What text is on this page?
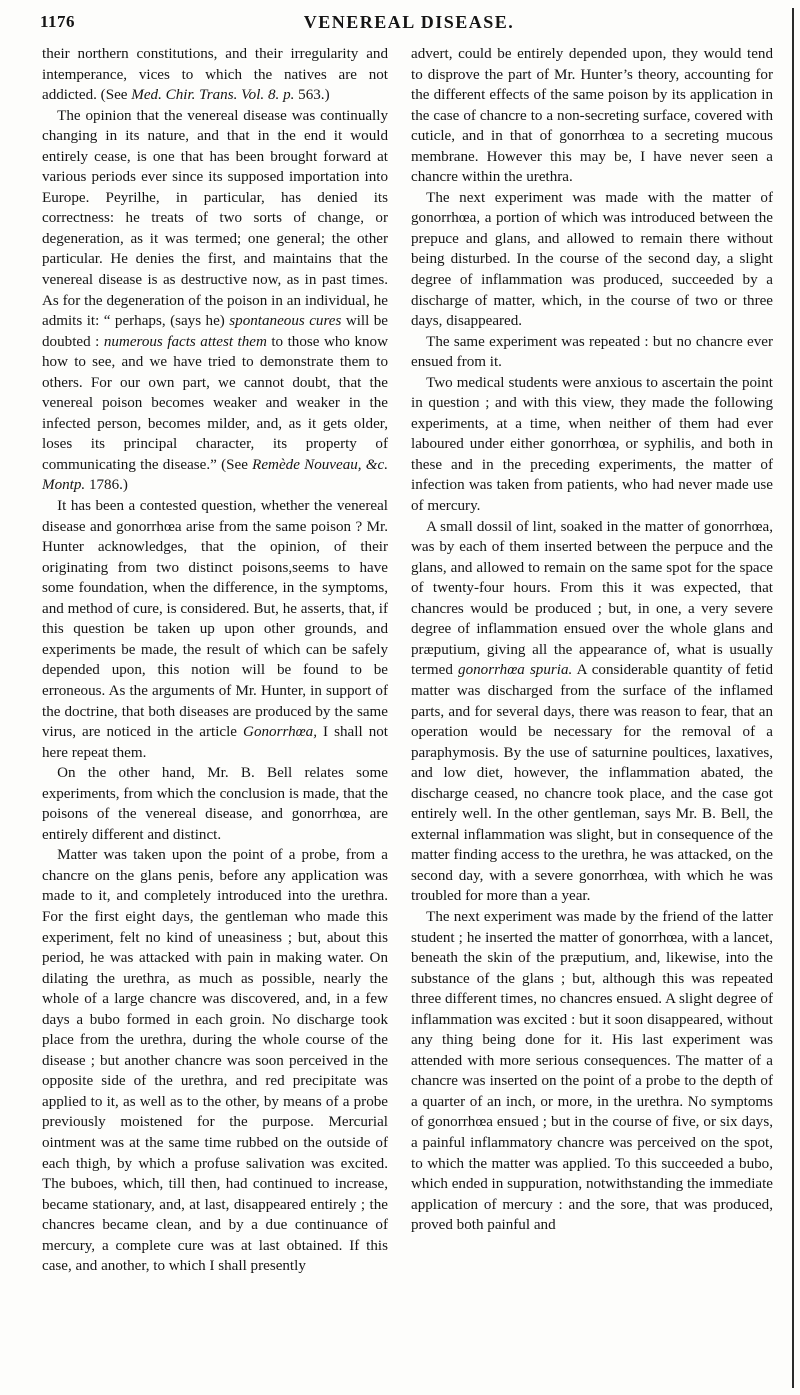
1176	VENEREAL DISEASE.

their northern constitutions, and their irregularity and intemperance, vices to which the natives are not addicted. (See Med. Chir. Trans. Vol. 8. p. 563.)

The opinion that the venereal disease was continually changing in its nature, and that in the end it would entirely cease, is one that has been brought forward at various periods ever since its supposed importation into Europe. Peyrilhe, in particular, has denied its correctness: he treats of two sorts of change, or degeneration, as it was termed; one general; the other particular. He denies the first, and maintains that the venereal disease is as destructive now, as in past times. As for the degeneration of the poison in an individual, he admits it: “ perhaps, (says he) spontaneous cures will be doubted : numerous facts attest them to those who know how to see, and we have tried to demonstrate them to others. For our own part, we cannot doubt, that the venereal poison becomes weaker and weaker in the infected person, becomes milder, and, as it gets older, loses its principal character, its property of communicating the disease.” (See Remède Nouveau, &c. Montp. 1786.)

It has been a contested question, whether the venereal disease and gonorrhœa arise from the same poison ? Mr. Hunter acknowledges, that the opinion, of their originating from two distinct poisons,seems to have some foundation, when the difference, in the symptoms, and method of cure, is considered. But, he asserts, that, if this question be taken up upon other grounds, and experiments be made, the result of which can be safely depended upon, this notion will be found to be erroneous. As the arguments of Mr. Hunter, in support of the doctrine, that both diseases are produced by the same virus, are noticed in the article Gonorrhœa, I shall not here repeat them.

On the other hand, Mr. B. Bell relates some experiments, from which the conclusion is made, that the poisons of the venereal disease, and gonorrhœa, are entirely different and distinct.

Matter was taken upon the point of a probe, from a chancre on the glans penis, before any application was made to it, and completely introduced into the urethra. For the first eight days, the gentleman who made this experiment, felt no kind of uneasiness ; but, about this period, he was attacked with pain in making water. On dilating the urethra, as much as possible, nearly the whole of a large chancre was discovered, and, in a few days a bubo formed in each groin. No discharge took place from the urethra, during the whole course of the disease ; but another chancre was soon perceived in the opposite side of the urethra, and red precipitate was applied to it, as well as to the other, by means of a probe previously moistened for the purpose. Mercurial ointment was at the same time rubbed on the outside of each thigh, by which a profuse salivation was excited. The buboes, which, till then, had continued to increase, became stationary, and, at last, disappeared entirely ; the chancres became clean, and by a due continuance of mercury, a complete cure was at last obtained. If this case, and another, to which I shall presently

advert, could be entirely depended upon, they would tend to disprove the part of Mr. Hunter’s theory, accounting for the different effects of the same poison by its application in the case of chancre to a non-secreting surface, covered with cuticle, and in that of gonorrhœa to a secreting mucous membrane. However this may be, I have never seen a chancre within the urethra.

The next experiment was made with the matter of gonorrhœa, a portion of which was introduced between the prepuce and glans, and allowed to remain there without being disturbed. In the course of the second day, a slight degree of inflammation was produced, succeeded by a discharge of matter, which, in the course of two or three days, disappeared.

The same experiment was repeated : but no chancre ever ensued from it.

Two medical students were anxious to ascertain the point in question ; and with this view, they made the following experiments, at a time, when neither of them had ever laboured under either gonorrhœa, or syphilis, and both in these and in the preceding experiments, the matter of infection was taken from patients, who had never made use of mercury.

A small dossil of lint, soaked in the matter of gonorrhœa, was by each of them inserted between the perpuce and the glans, and allowed to remain on the same spot for the space of twenty-four hours. From this it was expected, that chancres would be produced ; but, in one, a very severe degree of inflammation ensued over the whole glans and præputium, giving all the appearance of, what is usually termed gonorrhœa spuria. A considerable quantity of fetid matter was discharged from the surface of the inflamed parts, and for several days, there was reason to fear, that an operation would be necessary for the removal of a paraphymosis. By the use of saturnine poultices, laxatives, and low diet, however, the inflammation abated, the discharge ceased, no chancre took place, and the case got entirely well. In the other gentleman, says Mr. B. Bell, the external inflammation was slight, but in consequence of the matter finding access to the urethra, he was attacked, on the second day, with a severe gonorrhœa, with which he was troubled for more than a year.

The next experiment was made by the friend of the latter student ; he inserted the matter of gonorrhœa, with a lancet, beneath the skin of the præputium, and, likewise, into the substance of the glans ; but, although this was repeated three different times, no chancres ensued. A slight degree of inflammation was excited : but it soon disappeared, without any thing being done for it. His last experiment was attended with more serious consequences. The matter of a chancre was inserted on the point of a probe to the depth of a quarter of an inch, or more, in the urethra. No symptoms of gonorrhœa ensued ; but in the course of five, or six days, a painful inflammatory chancre was perceived on the spot, to which the matter was applied. To this succeeded a bubo, which ended in suppuration, notwithstanding the immediate application of mercury : and the sore, that was produced, proved both painful and
